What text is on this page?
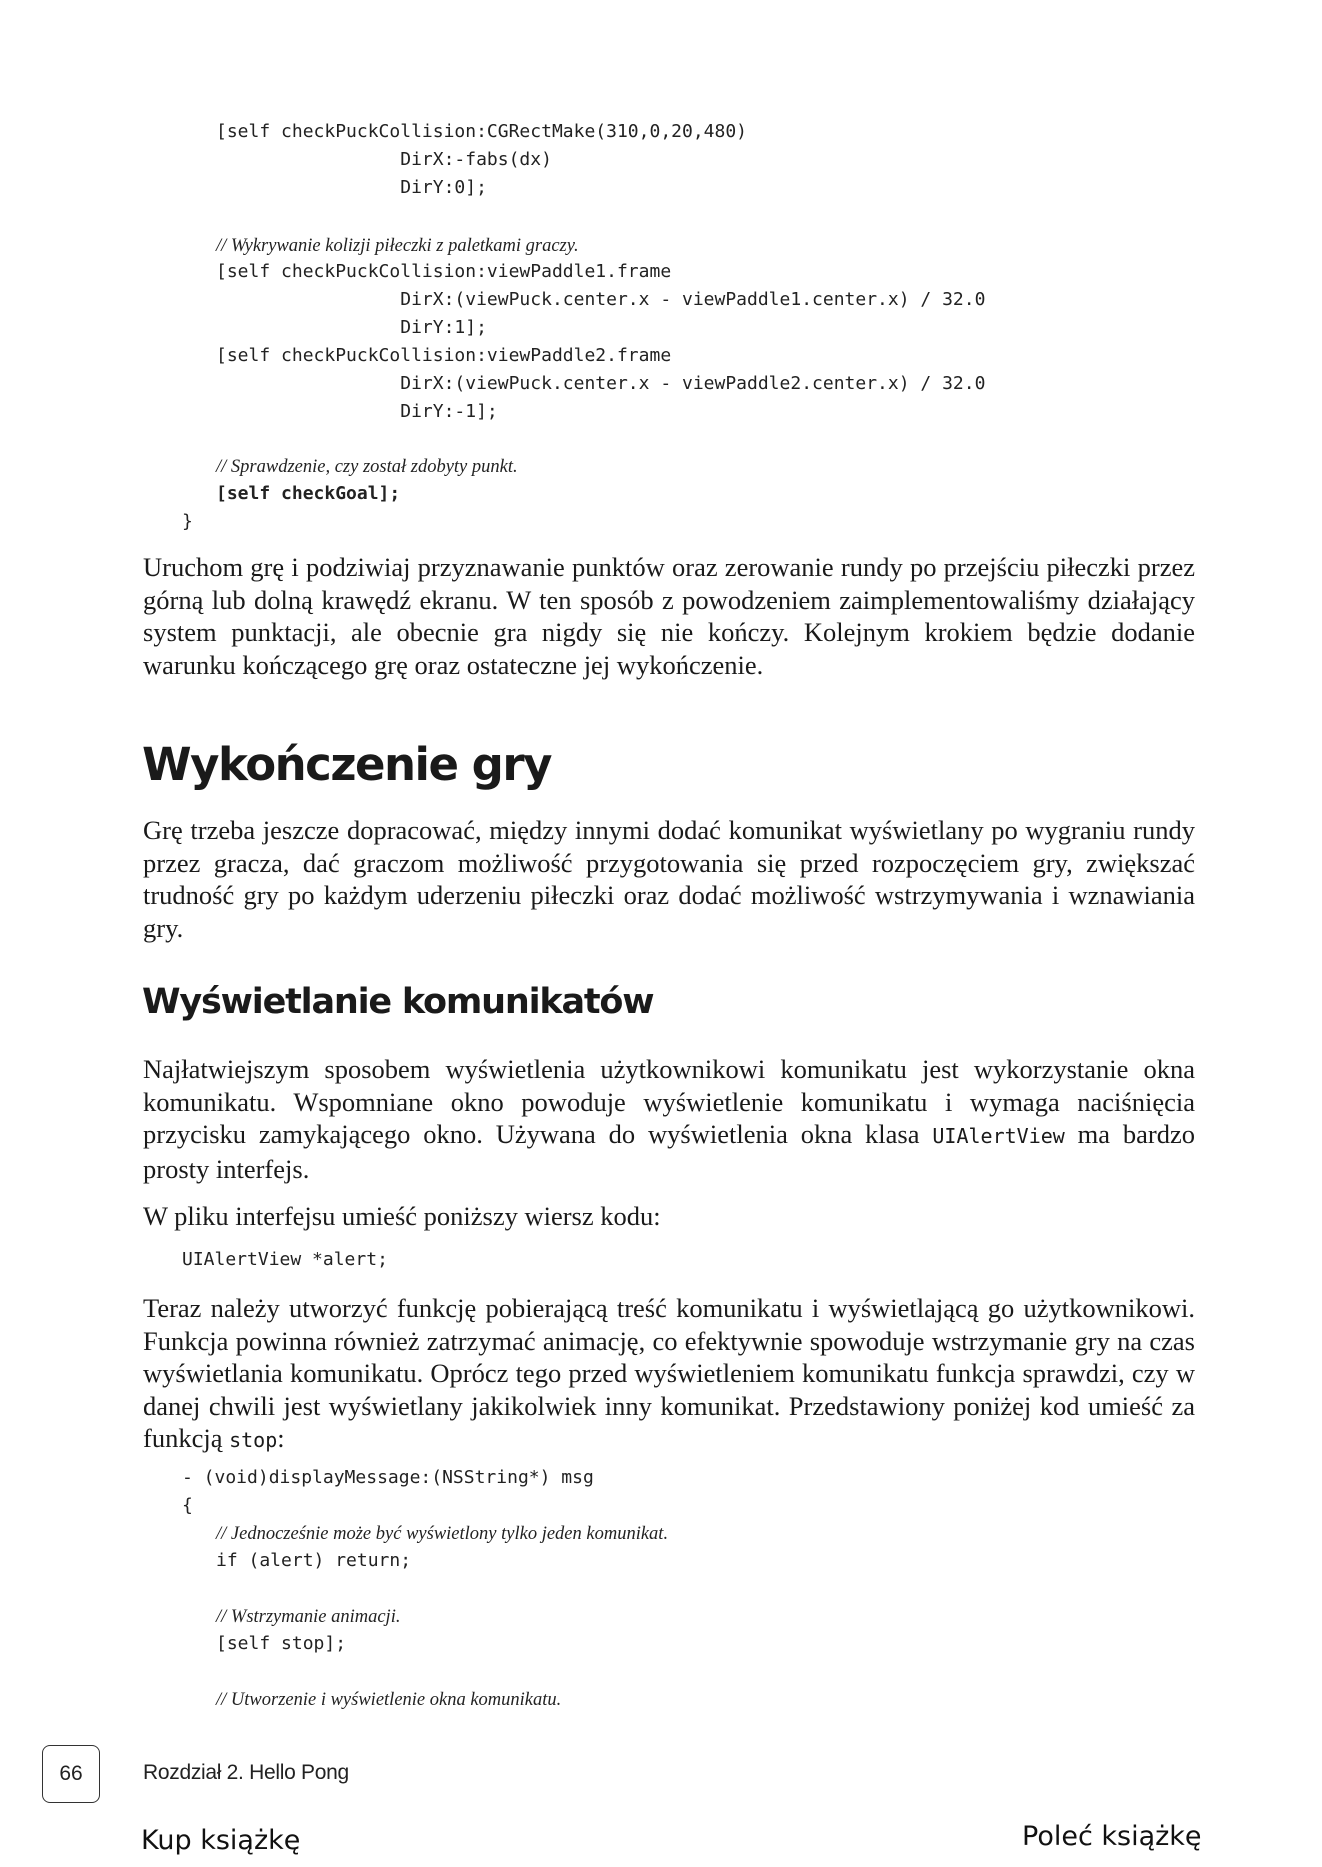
[self checkPuckCollision:CGRectMake(310,0,20,480)
DirX:-fabs(dx)
DirY:0];
// Wykrywanie kolizji piłeczki z paletkami graczy.
[self checkPuckCollision:viewPaddle1.frame
DirX:(viewPuck.center.x - viewPaddle1.center.x) / 32.0
DirY:1];
[self checkPuckCollision:viewPaddle2.frame
DirX:(viewPuck.center.x - viewPaddle2.center.x) / 32.0
DirY:-1];
// Sprawdzenie, czy został zdobyty punkt.
[self checkGoal];
}

Uruchom grę i podziwiaj przyznawanie punktów oraz zerowanie rundy po przejściu piłeczki przez górną lub dolną krawędź ekranu. W ten sposób z powodzeniem zaimplementowaliśmy działający system punktacji, ale obecnie gra nigdy się nie kończy. Kolejnym krokiem będzie dodanie warunku kończącego grę oraz ostateczne jej wykończenie.

Wykończenie gry

Grę trzeba jeszcze dopracować, między innymi dodać komunikat wyświetlany po wygraniu rundy przez gracza, dać graczom możliwość przygotowania się przed rozpoczęciem gry, zwiększać trudność gry po każdym uderzeniu piłeczki oraz dodać możliwość wstrzymywania i wznawiania gry.

Wyświetlanie komunikatów

Najłatwiejszym sposobem wyświetlenia użytkownikowi komunikatu jest wykorzystanie okna komunikatu. Wspomniane okno powoduje wyświetlenie komunikatu i wymaga naciśnięcia przycisku zamykającego okno. Używana do wyświetlenia okna klasa UIAlertView ma bardzo prosty interfejs.

W pliku interfejsu umieść poniższy wiersz kodu:

UIAlertView *alert;

Teraz należy utworzyć funkcję pobierającą treść komunikatu i wyświetlającą go użytkownikowi. Funkcja powinna również zatrzymać animację, co efektywnie spowoduje wstrzymanie gry na czas wyświetlania komunikatu. Oprócz tego przed wyświetleniem komunikatu funkcja sprawdzi, czy w danej chwili jest wyświetlany jakikolwiek inny komunikat. Przedstawiony poniżej kod umieść za funkcją stop:

- (void)displayMessage:(NSString*) msg
{
// Jednocześnie może być wyświetlony tylko jeden komunikat.
if (alert) return;
// Wstrzymanie animacji.
[self stop];
// Utworzenie i wyświetlenie okna komunikatu.
66	Rozdział 2. Hello Pong
Kup książkę	Poleć książkę
